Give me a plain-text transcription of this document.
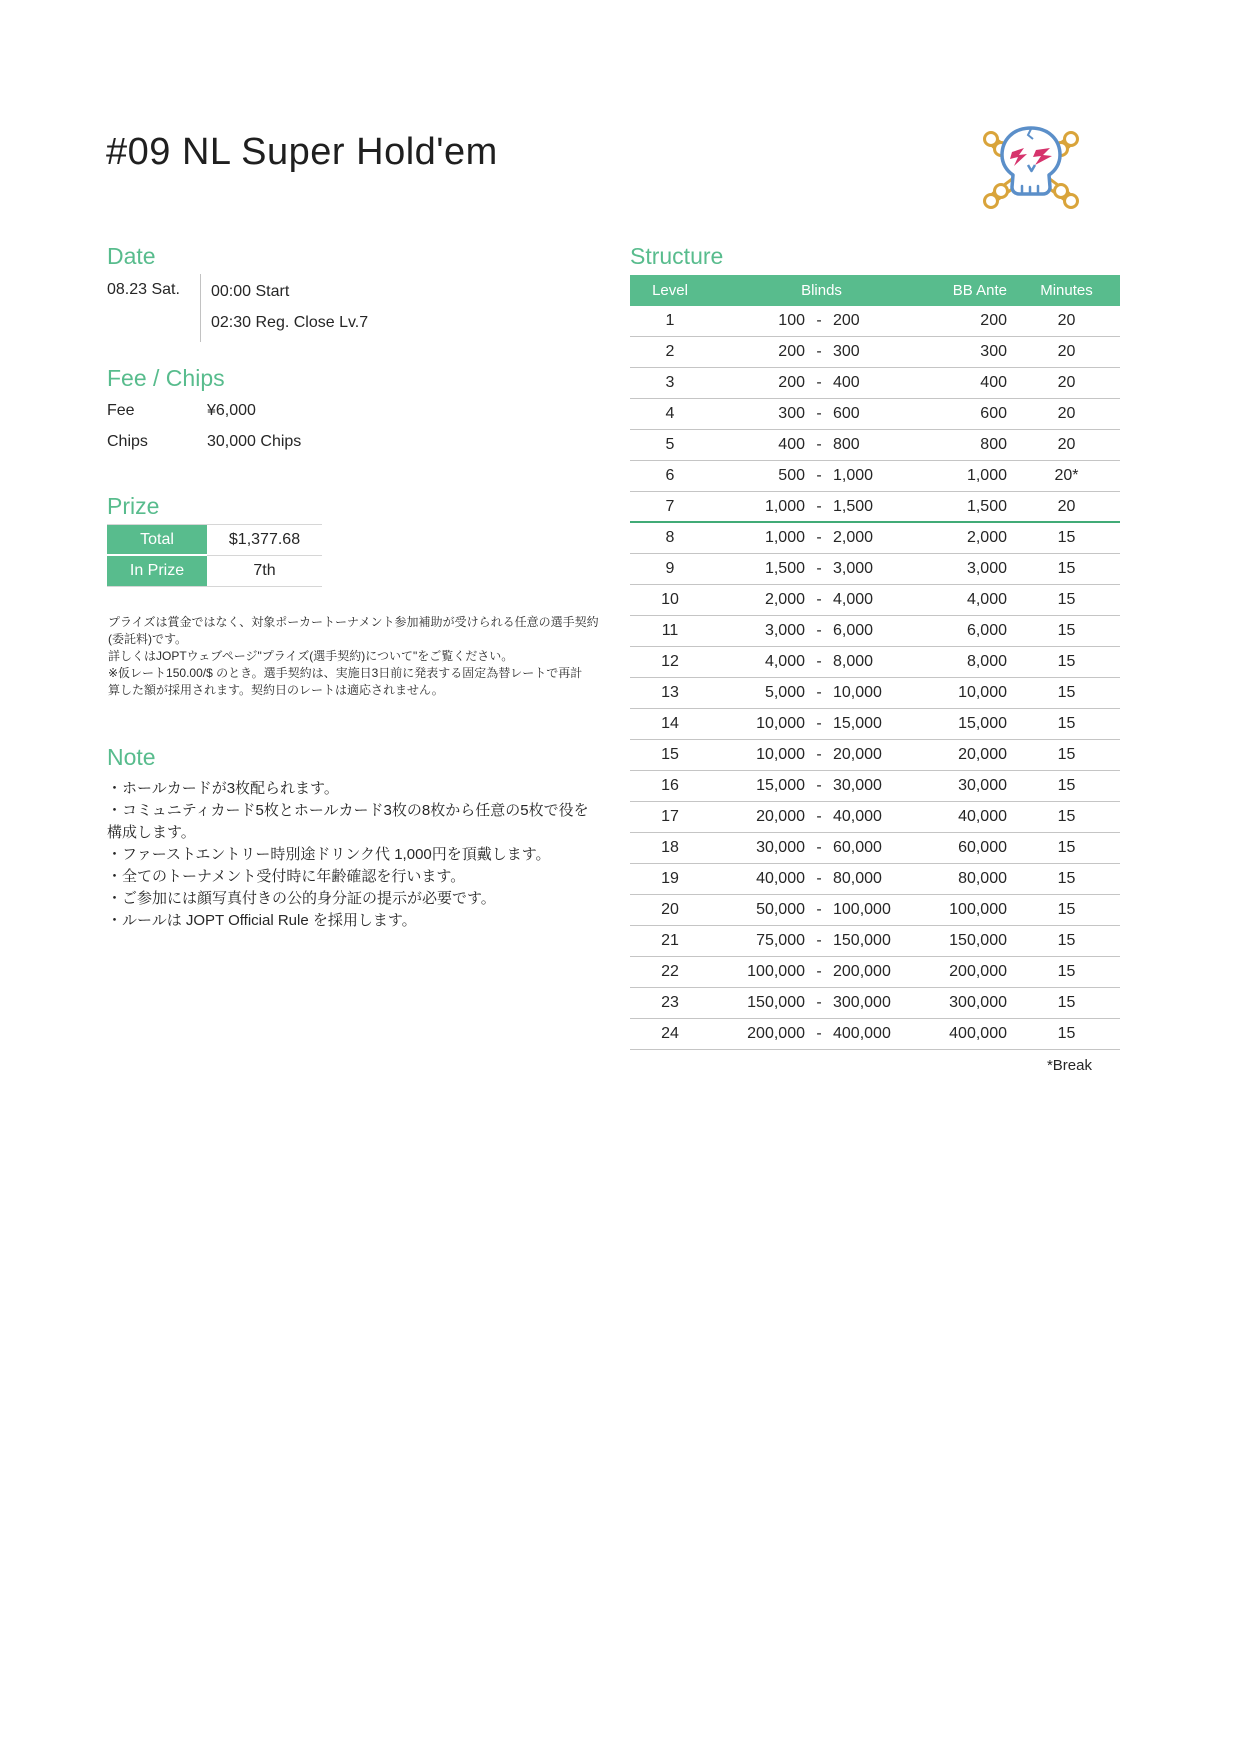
#09 NL Super Hold'em
Date
08.23 Sat.	00:00 Start
02:30 Reg. Close Lv.7
Fee / Chips
Fee	¥6,000
Chips	30,000 Chips
Prize
Total	$1,377.68
In Prize	7th
プライズは賞金ではなく、対象ポーカートーナメント参加補助が受けられる任意の選手契約
(委託料)です。
詳しくはJOPTウェブページ"プライズ(選手契約)について"をご覧ください。
※仮レート150.00/$ のとき。選手契約は、実施日3日前に発表する固定為替レートで再計
算した額が採用されます。契約日のレートは適応されません。
Note
・ホールカードが3枚配られます。
・コミュニティカード5枚とホールカード3枚の8枚から任意の5枚で役を
構成します。
・ファーストエントリー時別途ドリンク代 1,000円を頂戴します。
・全てのトーナメント受付時に年齢確認を行います。
・ご参加には顔写真付きの公的身分証の提示が必要です。
・ルールは JOPT Official Rule を採用します。
Structure
Level	Blinds	BB Ante	Minutes
1	100 - 200	200	20
2	200 - 300	300	20
3	200 - 400	400	20
4	300 - 600	600	20
5	400 - 800	800	20
6	500 - 1,000	1,000	20*
7	1,000 - 1,500	1,500	20
8	1,000 - 2,000	2,000	15
9	1,500 - 3,000	3,000	15
10	2,000 - 4,000	4,000	15
11	3,000 - 6,000	6,000	15
12	4,000 - 8,000	8,000	15
13	5,000 - 10,000	10,000	15
14	10,000 - 15,000	15,000	15
15	10,000 - 20,000	20,000	15
16	15,000 - 30,000	30,000	15
17	20,000 - 40,000	40,000	15
18	30,000 - 60,000	60,000	15
19	40,000 - 80,000	80,000	15
20	50,000 - 100,000	100,000	15
21	75,000 - 150,000	150,000	15
22	100,000 - 200,000	200,000	15
23	150,000 - 300,000	300,000	15
24	200,000 - 400,000	400,000	15
*Break
